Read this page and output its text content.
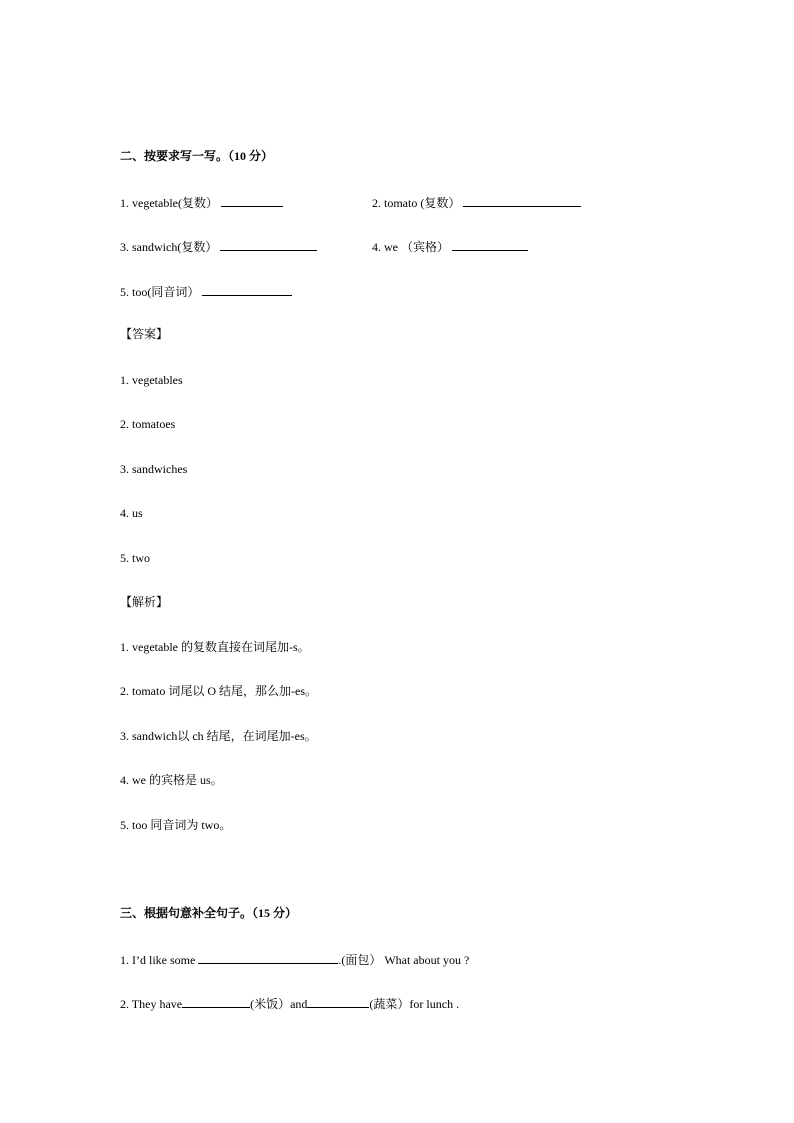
二、按要求写一写。（10 分）
1. vegetable(复数）	2. tomato (复数）
3. sandwich(复数）	4. we （宾格）
5. too(同音词）
【答案】
1. vegetables
2. tomatoes
3. sandwiches
4. us
5. two
【解析】
1. vegetable 的复数直接在词尾加-s。
2. tomato 词尾以 O 结尾，那么加-es。
3. sandwich以 ch 结尾，在词尾加-es。
4. we 的宾格是 us。
5. too 同音词为 two。
三、根据句意补全句子。（15 分）
1. I’d like some	.(面包） What about you ?
2. They have	(米饭）and	(蔬菜）for lunch .
